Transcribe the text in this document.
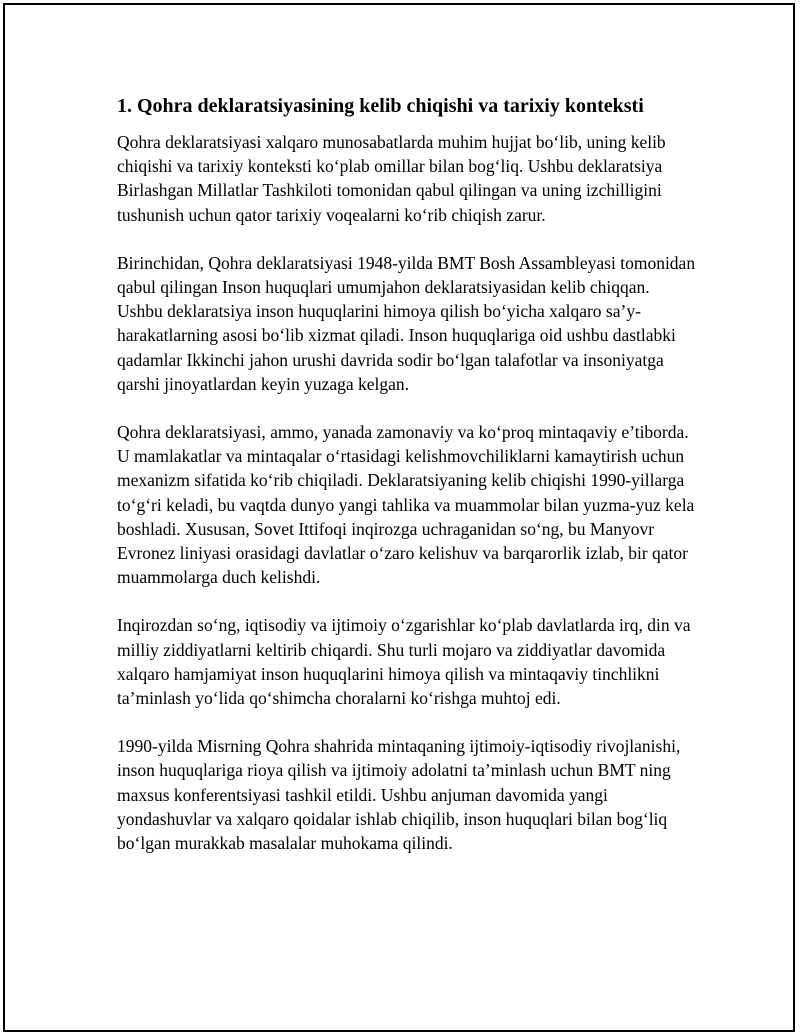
1. Qohra deklaratsiyasining kelib chiqishi va tarixiy konteksti

Qohra deklaratsiyasi xalqaro munosabatlarda muhim hujjat bo‘lib, uning kelib chiqishi va tarixiy konteksti ko‘plab omillar bilan bog‘liq. Ushbu deklaratsiya Birlashgan Millatlar Tashkiloti tomonidan qabul qilingan va uning izchilligini tushunish uchun qator tarixiy voqealarni ko‘rib chiqish zarur.

Birinchidan, Qohra deklaratsiyasi 1948-yilda BMT Bosh Assambleyasi tomonidan qabul qilingan Inson huquqlari umumjahon deklaratsiyasidan kelib chiqqan. Ushbu deklaratsiya inson huquqlarini himoya qilish bo‘yicha xalqaro sa’y-harakatlarning asosi bo‘lib xizmat qiladi. Inson huquqlariga oid ushbu dastlabki qadamlar Ikkinchi jahon urushi davrida sodir bo‘lgan talafotlar va insoniyatga qarshi jinoyatlardan keyin yuzaga kelgan.

Qohra deklaratsiyasi, ammo, yanada zamonaviy va ko‘proq mintaqaviy e’tiborda. U mamlakatlar va mintaqalar o‘rtasidagi kelishmovchiliklarni kamaytirish uchun mexanizm sifatida ko‘rib chiqiladi. Deklaratsiyaning kelib chiqishi 1990-yillarga to‘g‘ri keladi, bu vaqtda dunyo yangi tahlika va muammolar bilan yuzma-yuz kela boshladi. Xususan, Sovet Ittifoqi inqirozga uchraganidan so‘ng, bu Manyovr Evronez liniyasi orasidagi davlatlar o‘zaro kelishuv va barqarorlik izlab, bir qator muammolarga duch kelishdi.

Inqirozdan so‘ng, iqtisodiy va ijtimoiy o‘zgarishlar ko‘plab davlatlarda irq, din va milliy ziddiyatlarni keltirib chiqardi. Shu turli mojaro va ziddiyatlar davomida xalqaro hamjamiyat inson huquqlarini himoya qilish va mintaqaviy tinchlikni ta’minlash yo‘lida qo‘shimcha choralarni ko‘rishga muhtoj edi.

1990-yilda Misrning Qohra shahrida mintaqaning ijtimoiy-iqtisodiy rivojlanishi, inson huquqlariga rioya qilish va ijtimoiy adolatni ta’minlash uchun BMT ning maxsus konferentsiyasi tashkil etildi. Ushbu anjuman davomida yangi yondashuvlar va xalqaro qoidalar ishlab chiqilib, inson huquqlari bilan bog‘liq bo‘lgan murakkab masalalar muhokama qilindi.
